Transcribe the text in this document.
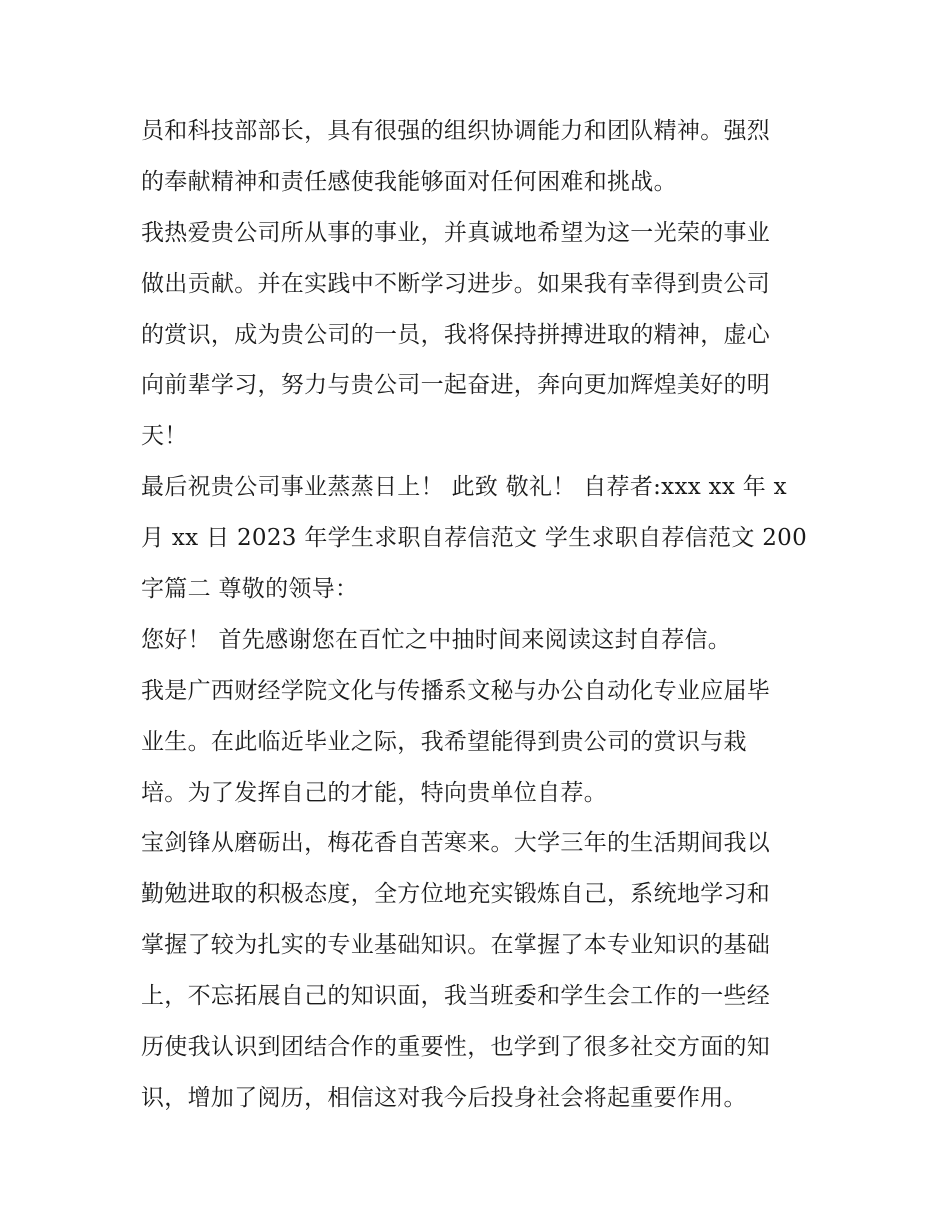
员和科技部部长，具有很强的组织协调能力和团队精神。强烈
的奉献精神和责任感使我能够面对任何困难和挑战。
我热爱贵公司所从事的事业，并真诚地希望为这一光荣的事业
做出贡献。并在实践中不断学习进步。如果我有幸得到贵公司
的赏识，成为贵公司的一员，我将保持拼搏进取的精神，虚心
向前辈学习，努力与贵公司一起奋进，奔向更加辉煌美好的明
天！
最后祝贵公司事业蒸蒸日上！ 此致 敬礼！ 自荐者:xxx xx 年 x
月 xx 日 2023 年学生求职自荐信范文 学生求职自荐信范文 200
字篇二 尊敬的领导：
您好！ 首先感谢您在百忙之中抽时间来阅读这封自荐信。
我是广西财经学院文化与传播系文秘与办公自动化专业应届毕
业生。在此临近毕业之际，我希望能得到贵公司的赏识与栽
培。为了发挥自己的才能，特向贵单位自荐。
宝剑锋从磨砺出，梅花香自苦寒来。大学三年的生活期间我以
勤勉进取的积极态度，全方位地充实锻炼自己，系统地学习和
掌握了较为扎实的专业基础知识。在掌握了本专业知识的基础
上，不忘拓展自己的知识面，我当班委和学生会工作的一些经
历使我认识到团结合作的重要性，也学到了很多社交方面的知
识，增加了阅历，相信这对我今后投身社会将起重要作用。
